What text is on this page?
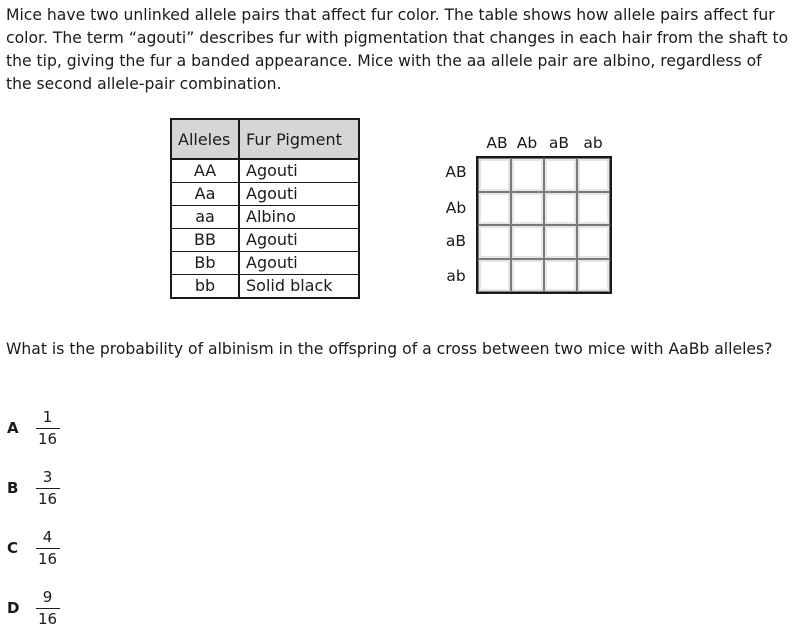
Mice have two unlinked allele pairs that affect fur color. The table shows how allele pairs affect fur color. The term “agouti” describes fur with pigmentation that changes in each hair from the shaft to the tip, giving the fur a banded appearance. Mice with the aa allele pair are albino, regardless of the second allele-pair combination.

Alleles	Fur Pigment
AA	Agouti
Aa	Agouti
aa	Albino
BB	Agouti
Bb	Agouti
bb	Solid black
AB Ab aB ab
AB
Ab
aB
ab

What is the probability of albinism in the offspring of a cross between two mice with AaBb alleles?

A	$\frac{1}{16}$
B	$\frac{3}{16}$
C	$\frac{4}{16}$
D	$\frac{9}{16}$
